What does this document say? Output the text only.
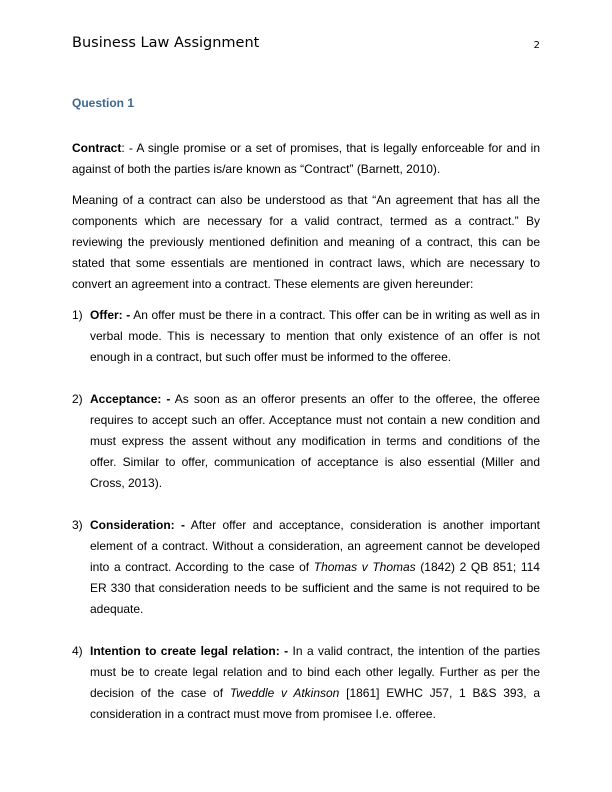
Business Law Assignment	2
Question 1

Contract: - A single promise or a set of promises, that is legally enforceable for and in against of both the parties is/are known as “Contract” (Barnett, 2010).

Meaning of a contract can also be understood as that “An agreement that has all the components which are necessary for a valid contract, termed as a contract.” By reviewing the previously mentioned definition and meaning of a contract, this can be stated that some essentials are mentioned in contract laws, which are necessary to convert an agreement into a contract. These elements are given hereunder:

1) Offer: - An offer must be there in a contract. This offer can be in writing as well as in verbal mode. This is necessary to mention that only existence of an offer is not enough in a contract, but such offer must be informed to the offeree.
2) Acceptance: - As soon as an offeror presents an offer to the offeree, the offeree requires to accept such an offer. Acceptance must not contain a new condition and must express the assent without any modification in terms and conditions of the offer. Similar to offer, communication of acceptance is also essential (Miller and Cross, 2013).
3) Consideration: - After offer and acceptance, consideration is another important element of a contract. Without a consideration, an agreement cannot be developed into a contract. According to the case of Thomas v Thomas (1842) 2 QB 851; 114 ER 330 that consideration needs to be sufficient and the same is not required to be adequate.
4) Intention to create legal relation: - In a valid contract, the intention of the parties must be to create legal relation and to bind each other legally. Further as per the decision of the case of Tweddle v Atkinson [1861] EWHC J57, 1 B&S 393, a consideration in a contract must move from promisee I.e. offeree.
